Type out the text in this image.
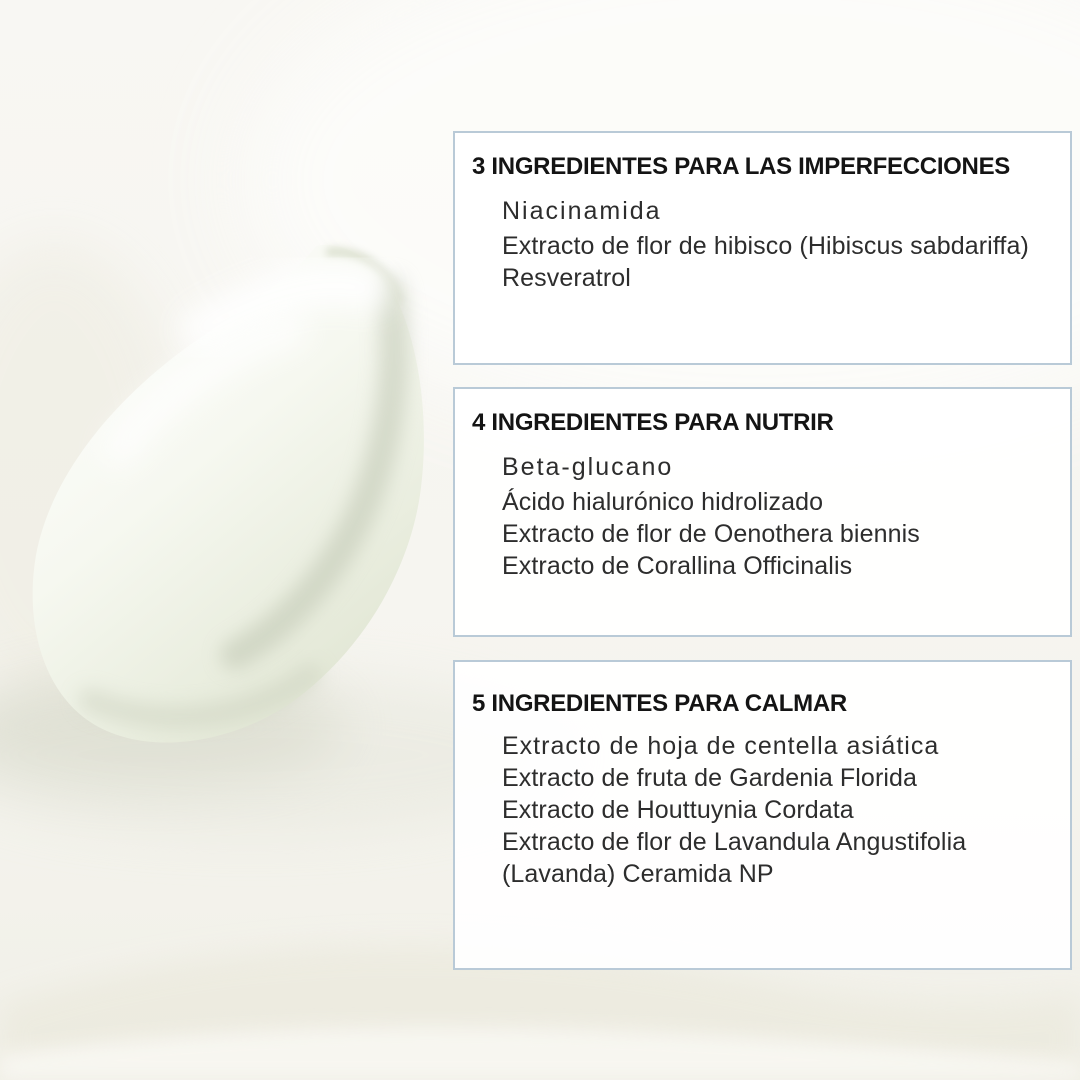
3 INGREDIENTES PARA LAS IMPERFECCIONES
Niacinamida
Extracto de flor de hibisco (Hibiscus sabdariffa)
Resveratrol
4 INGREDIENTES PARA NUTRIR
Beta-glucano
Ácido hialurónico hidrolizado
Extracto de flor de Oenothera biennis
Extracto de Corallina Officinalis
5 INGREDIENTES PARA CALMAR
Extracto de hoja de centella asiática
Extracto de fruta de Gardenia Florida
Extracto de Houttuynia Cordata
Extracto de flor de Lavandula Angustifolia (Lavanda) Ceramida NP
